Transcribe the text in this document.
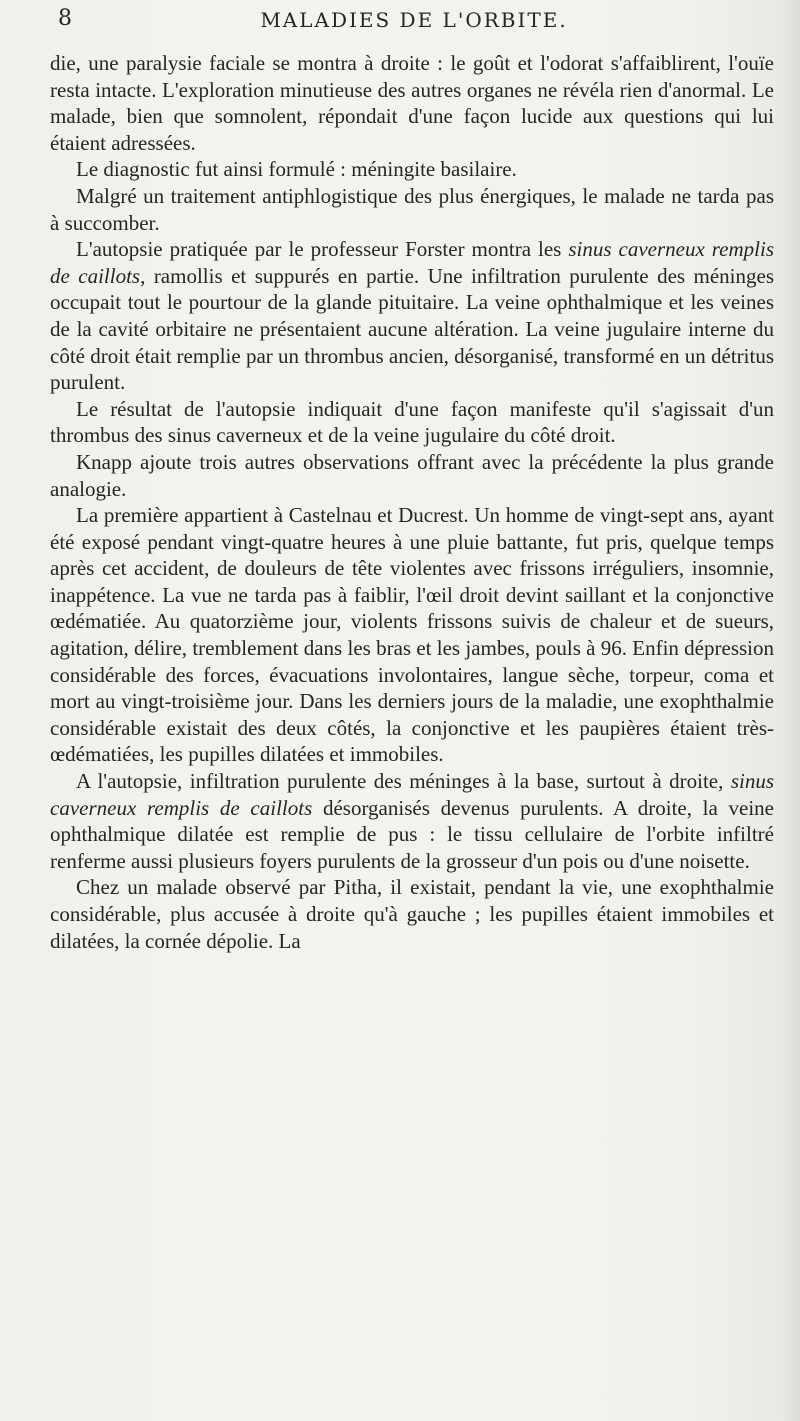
8	MALADIES DE L'ORBITE.

die, une paralysie faciale se montra à droite : le goût et l'odorat s'affaiblirent, l'ouïe resta intacte. L'exploration minutieuse des autres organes ne révéla rien d'anormal. Le malade, bien que somnolent, répondait d'une façon lucide aux questions qui lui étaient adressées.

Le diagnostic fut ainsi formulé : méningite basilaire.

Malgré un traitement antiphlogistique des plus énergiques, le malade ne tarda pas à succomber.

L'autopsie pratiquée par le professeur Forster montra les sinus caverneux remplis de caillots, ramollis et suppurés en partie. Une infiltration purulente des méninges occupait tout le pourtour de la glande pituitaire. La veine ophthalmique et les veines de la cavité orbitaire ne présentaient aucune altération. La veine jugulaire interne du côté droit était remplie par un thrombus ancien, désorganisé, transformé en un détritus purulent.

Le résultat de l'autopsie indiquait d'une façon manifeste qu'il s'agissait d'un thrombus des sinus caverneux et de la veine jugulaire du côté droit.

Knapp ajoute trois autres observations offrant avec la précédente la plus grande analogie.

La première appartient à Castelnau et Ducrest. Un homme de vingt-sept ans, ayant été exposé pendant vingt-quatre heures à une pluie battante, fut pris, quelque temps après cet accident, de douleurs de tête violentes avec frissons irréguliers, insomnie, inappétence. La vue ne tarda pas à faiblir, l'œil droit devint saillant et la conjonctive œdématiée. Au quatorzième jour, violents frissons suivis de chaleur et de sueurs, agitation, délire, tremblement dans les bras et les jambes, pouls à 96. Enfin dépression considérable des forces, évacuations involontaires, langue sèche, torpeur, coma et mort au vingt-troisième jour. Dans les derniers jours de la maladie, une exophthalmie considérable existait des deux côtés, la conjonctive et les paupières étaient très-œdématiées, les pupilles dilatées et immobiles.

A l'autopsie, infiltration purulente des méninges à la base, surtout à droite, sinus caverneux remplis de caillots désorganisés devenus purulents. A droite, la veine ophthalmique dilatée est remplie de pus : le tissu cellulaire de l'orbite infiltré renferme aussi plusieurs foyers purulents de la grosseur d'un pois ou d'une noisette.

Chez un malade observé par Pitha, il existait, pendant la vie, une exophthalmie considérable, plus accusée à droite qu'à gauche ; les pupilles étaient immobiles et dilatées, la cornée dépolie. La
